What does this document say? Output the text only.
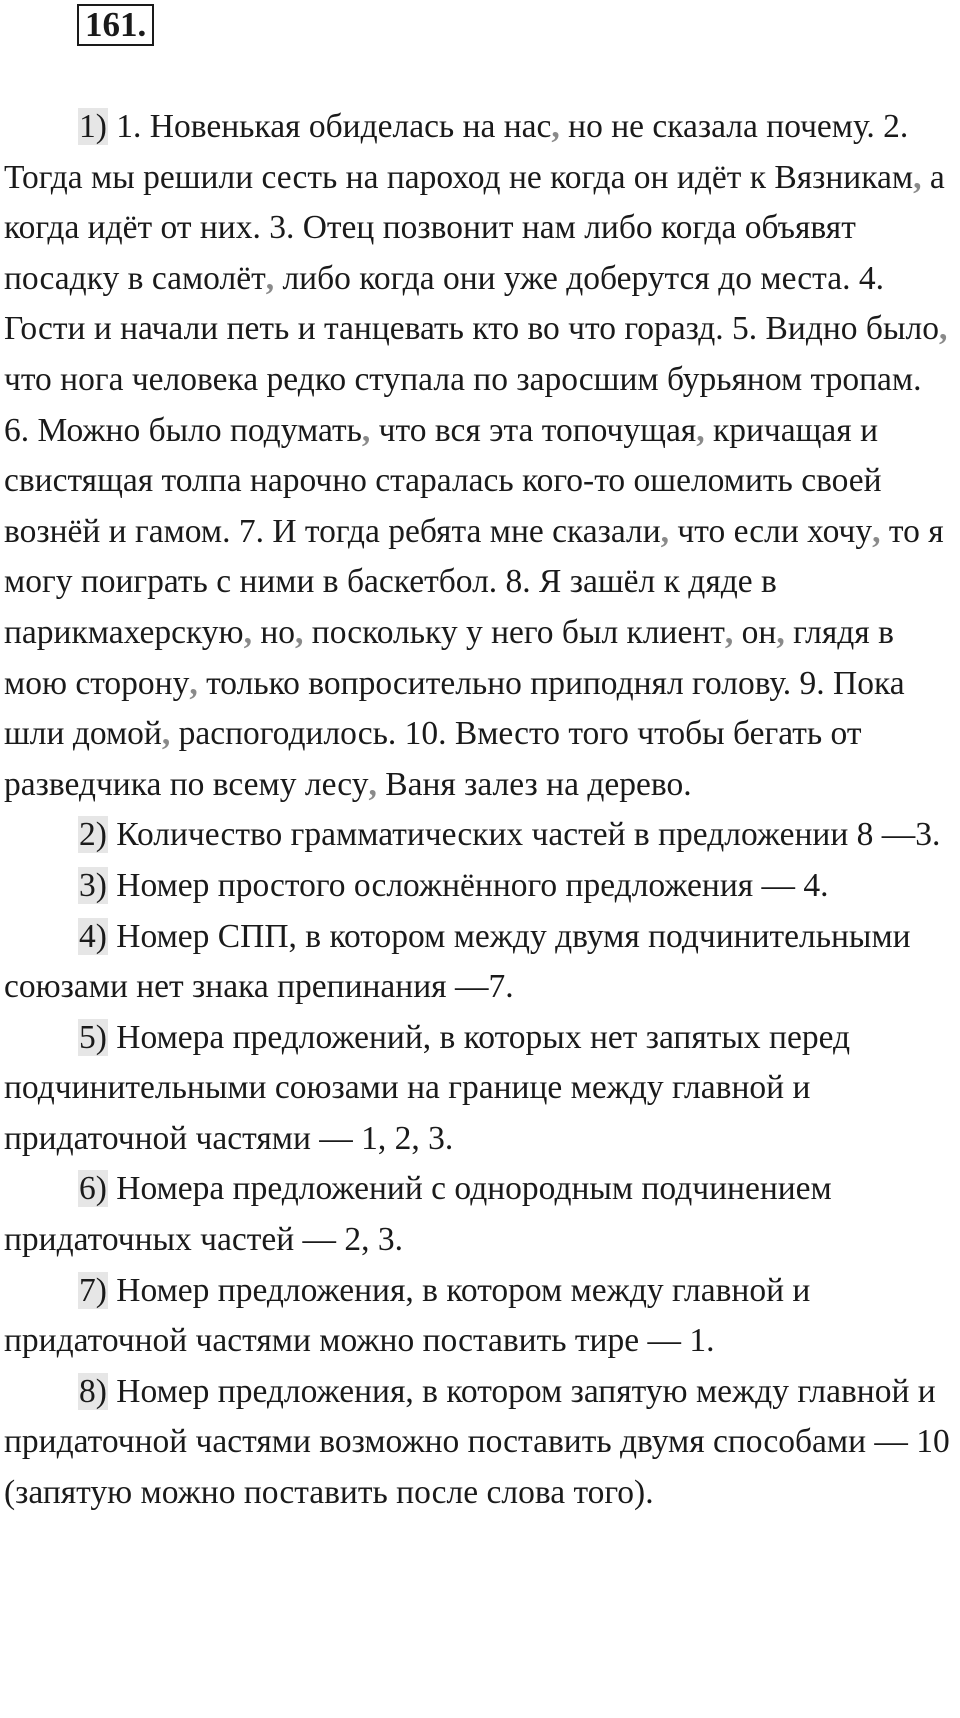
161.

1) 1. Новенькая обиделась на нас, но не сказала почему. 2. Тогда мы решили сесть на пароход не когда он идёт к Вязникам, а когда идёт от них. 3. Отец позвонит нам либо когда объявят посадку в самолёт, либо когда они уже доберутся до места. 4. Гости и начали петь и танцевать кто во что горазд. 5. Видно было, что нога человека редко ступала по заросшим бурьяном тропам. 6. Можно было подумать, что вся эта топочущая, кричащая и свистящая толпа нарочно старалась кого-то ошеломить своей вознёй и гамом. 7. И тогда ребята мне сказали, что если хочу, то я могу поиграть с ними в баскетбол. 8. Я зашёл к дяде в парикмахерскую, но, поскольку у него был клиент, он, глядя в мою сторону, только вопросительно приподнял голову. 9. Пока шли домой, распогодилось. 10. Вместо того чтобы бегать от разведчика по всему лесу, Ваня залез на дерево.

2) Количество грамматических частей в предложении 8 —3.

3) Номер простого осложнённого предложения — 4.

4) Номер СПП, в котором между двумя подчинительными союзами нет знака препинания —7.

5) Номера предложений, в которых нет запятых перед подчинительными союзами на границе между главной и придаточной частями — 1, 2, 3.

6) Номера предложений с однородным подчинением придаточных частей — 2, 3.

7) Номер предложения, в котором между главной и придаточной частями можно поставить тире — 1.

8) Номер предложения, в котором запятую между главной и придаточной частями возможно поставить двумя способами — 10 (запятую можно поставить после слова того).
